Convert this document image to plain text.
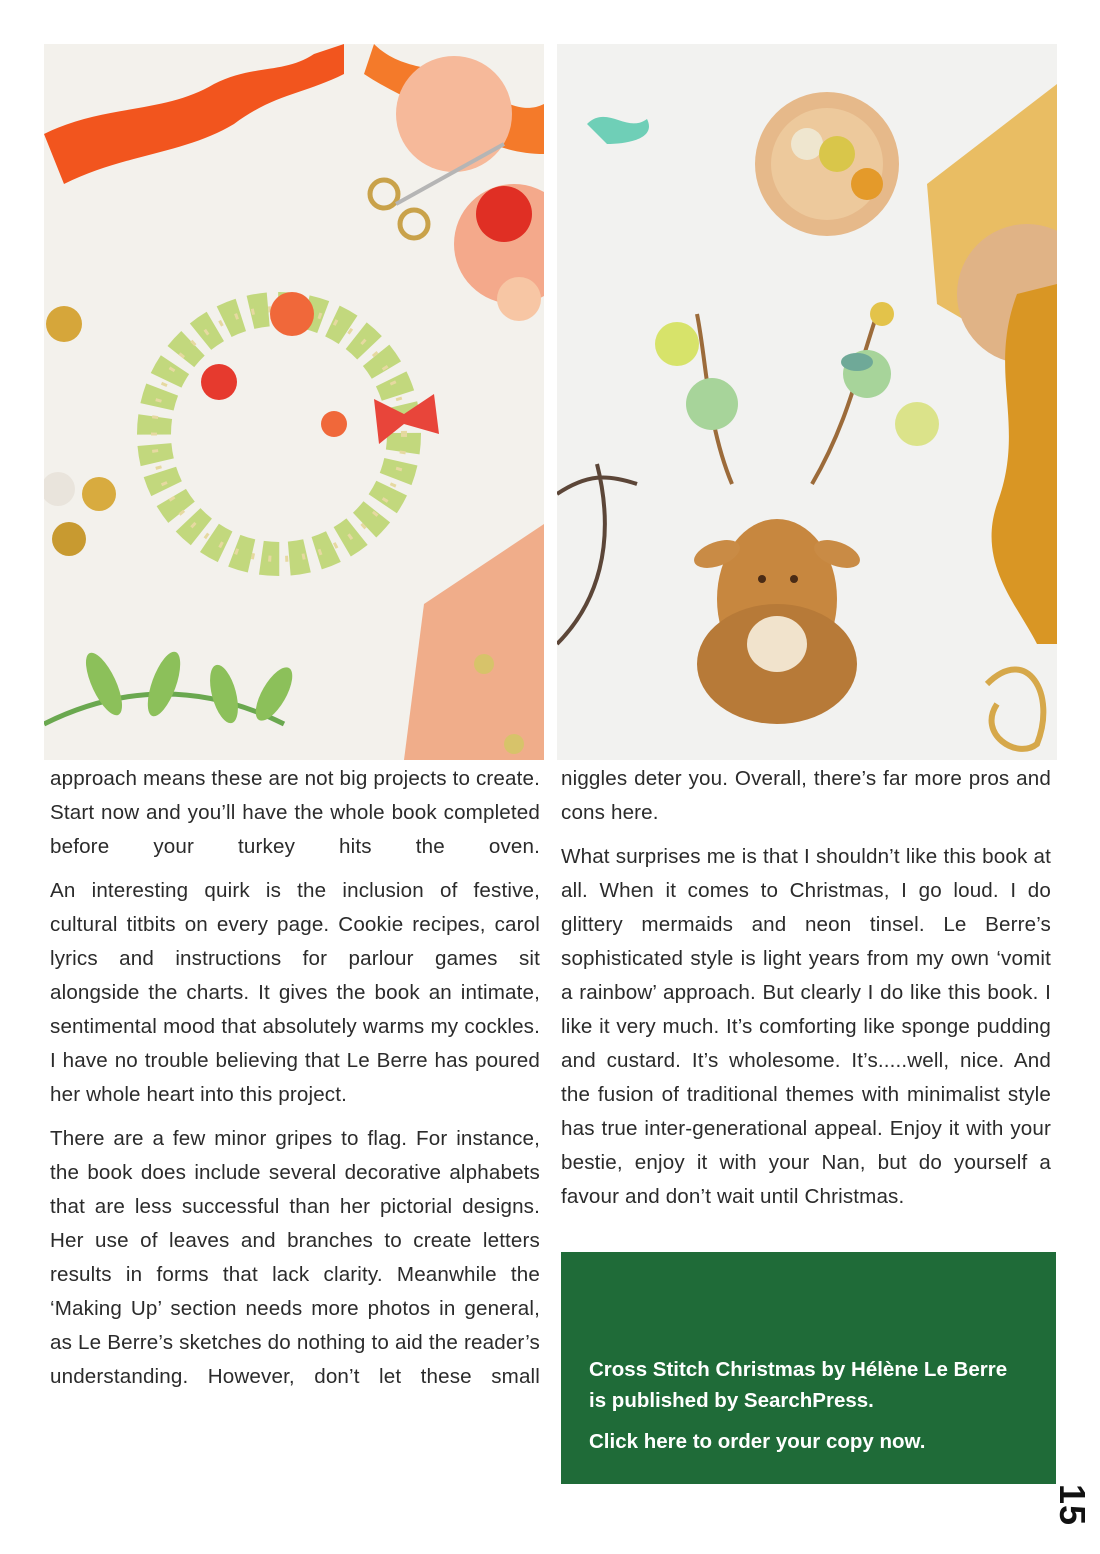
approach means these are not big projects to create. Start now and you’ll have the whole book completed before your turkey hits the oven.

An interesting quirk is the inclusion of festive, cultural titbits on every page. Cookie recipes, carol lyrics and instructions for parlour games sit alongside the charts. It gives the book an intimate, sentimental mood that absolutely warms my cockles. I have no trouble believing that Le Berre has poured her whole heart into this project.

There are a few minor gripes to flag. For instance, the book does include several decorative alphabets that are less successful than her pictorial designs. Her use of leaves and branches to create letters results in forms that lack clarity. Meanwhile the ‘Making Up’ section needs more photos in general, as Le Berre’s sketches do nothing to aid the reader’s understanding. However, don’t let these small

niggles deter you. Overall, there’s far more pros and cons here.

What surprises me is that I shouldn’t like this book at all. When it comes to Christmas, I go loud. I do glittery mermaids and neon tinsel. Le Berre’s sophisticated style is light years from my own ‘vomit a rainbow’ approach. But clearly I do like this book. I like it very much. It’s comforting like sponge pudding and custard. It’s wholesome. It’s.....well, nice. And the fusion of traditional themes with minimalist style has true inter-generational appeal. Enjoy it with your bestie, enjoy it with your Nan, but do yourself a favour and don’t wait until Christmas.

Cross Stitch Christmas by Hélène Le Berre is published by SearchPress.

Click here to order your copy now.
15
